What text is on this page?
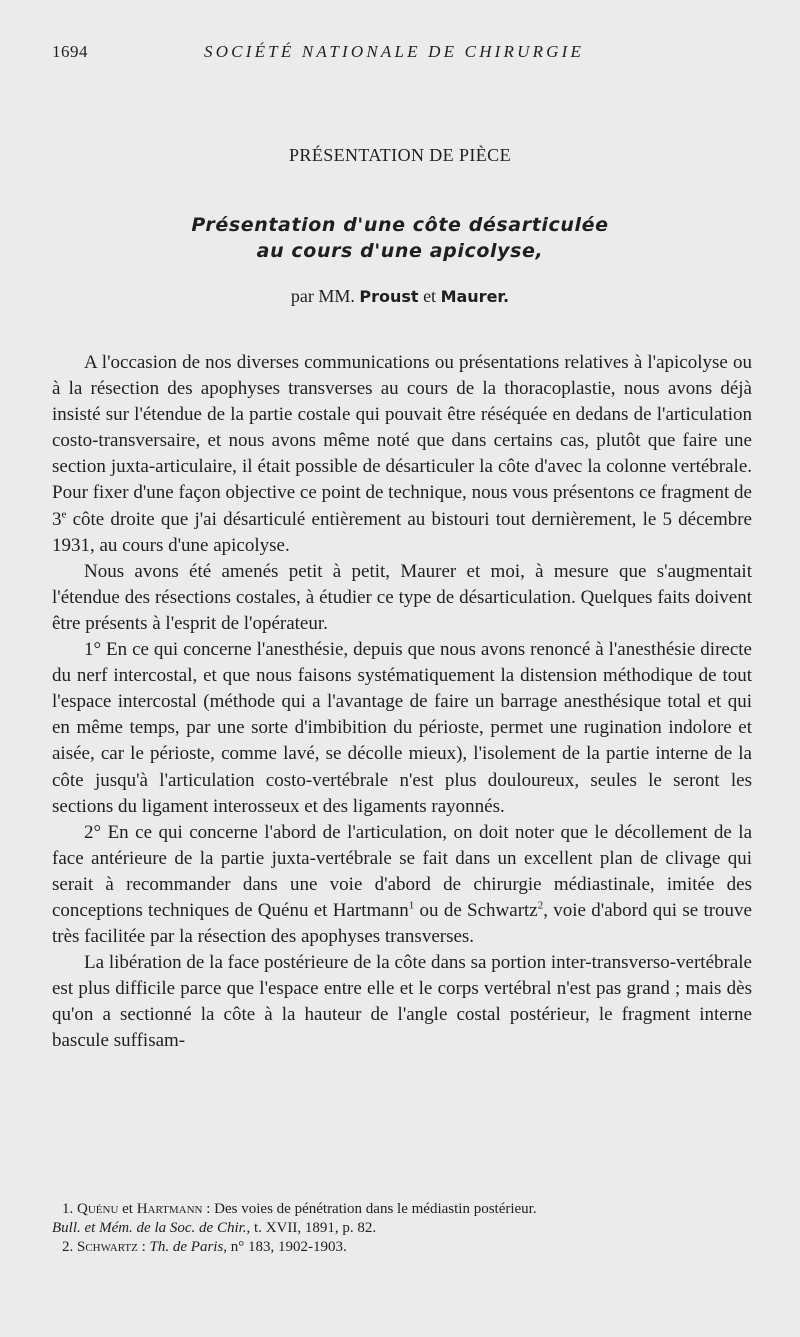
1694	SOCIÉTÉ NATIONALE DE CHIRURGIE
PRÉSENTATION DE PIÈCE
Présentation d'une côte désarticulée
au cours d'une apicolyse,
par MM. Proust et Maurer.

A l'occasion de nos diverses communications ou présentations relatives à l'apicolyse ou à la résection des apophyses transverses au cours de la thoracoplastie, nous avons déjà insisté sur l'étendue de la partie costale qui pouvait être réséquée en dedans de l'articulation costo-transversaire, et nous avons même noté que dans certains cas, plutôt que faire une section juxta-articulaire, il était possible de désarticuler la côte d'avec la colonne vertébrale. Pour fixer d'une façon objective ce point de technique, nous vous présentons ce fragment de 3e côte droite que j'ai désarticulé entièrement au bistouri tout dernièrement, le 5 décembre 1931, au cours d'une apicolyse.

Nous avons été amenés petit à petit, Maurer et moi, à mesure que s'augmentait l'étendue des résections costales, à étudier ce type de désarticulation. Quelques faits doivent être présents à l'esprit de l'opérateur.

1° En ce qui concerne l'anesthésie, depuis que nous avons renoncé à l'anesthésie directe du nerf intercostal, et que nous faisons systématiquement la distension méthodique de tout l'espace intercostal (méthode qui a l'avantage de faire un barrage anesthésique total et qui en même temps, par une sorte d'imbibition du périoste, permet une rugination indolore et aisée, car le périoste, comme lavé, se décolle mieux), l'isolement de la partie interne de la côte jusqu'à l'articulation costo-vertébrale n'est plus douloureux, seules le seront les sections du ligament interosseux et des ligaments rayonnés.

2° En ce qui concerne l'abord de l'articulation, on doit noter que le décollement de la face antérieure de la partie juxta-vertébrale se fait dans un excellent plan de clivage qui serait à recommander dans une voie d'abord de chirurgie médiastinale, imitée des conceptions techniques de Quénu et Hartmann$^1$ ou de Schwartz$^2$, voie d'abord qui se trouve très facilitée par la résection des apophyses transverses.

La libération de la face postérieure de la côte dans sa portion inter-transverso-vertébrale est plus difficile parce que l'espace entre elle et le corps vertébral n'est pas grand ; mais dès qu'on a sectionné la côte à la hauteur de l'angle costal postérieur, le fragment interne bascule suffisam-

1. Quénu et Hartmann : Des voies de pénétration dans le médiastin postérieur.

Bull. et Mém. de la Soc. de Chir., t. XVII, 1891, p. 82.

2. Schwartz : Th. de Paris, n° 183, 1902-1903.
